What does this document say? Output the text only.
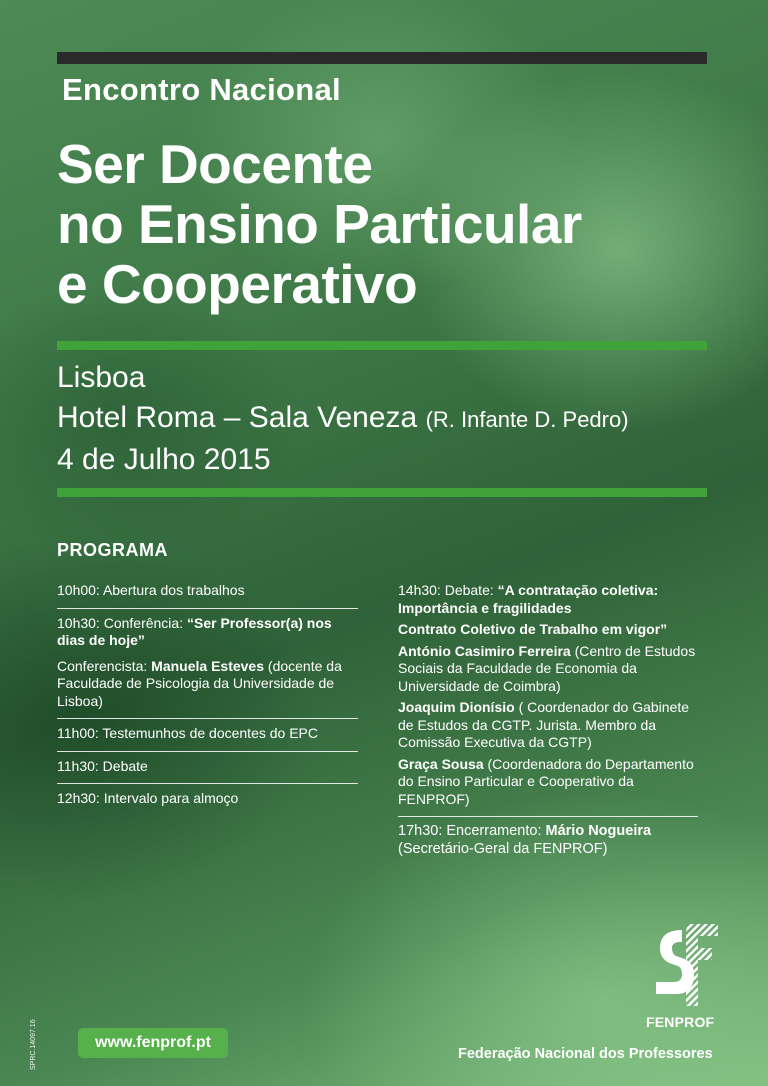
Encontro Nacional
Ser Docente
no Ensino Particular
e Cooperativo
Lisboa
Hotel Roma – Sala Veneza (R. Infante D. Pedro)
4 de Julho 2015
PROGRAMA
10h00: Abertura dos trabalhos
10h30: Conferência: “Ser Professor(a) nos dias de hoje”
Conferencista: Manuela Esteves (docente da Faculdade de Psicologia da Universidade de Lisboa)
11h00: Testemunhos de docentes do EPC
11h30: Debate
12h30: Intervalo para almoço
14h30: Debate: “A contratação coletiva: Importância e fragilidades
Contrato Coletivo de Trabalho em vigor”
António Casimiro Ferreira (Centro de Estudos Sociais da Faculdade de Economia da Universidade de Coimbra)
Joaquim Dionísio ( Coordenador do Gabinete de Estudos da CGTP. Jurista. Membro da Comissão Executiva da CGTP)
Graça Sousa (Coordenadora do Departamento do Ensino Particular e Cooperativo da FENPROF)
17h30: Encerramento: Mário Nogueira
(Secretário-Geral da FENPROF)
www.fenprof.pt
SPRC.14097.16	FENPROF
Federação Nacional dos Professores
